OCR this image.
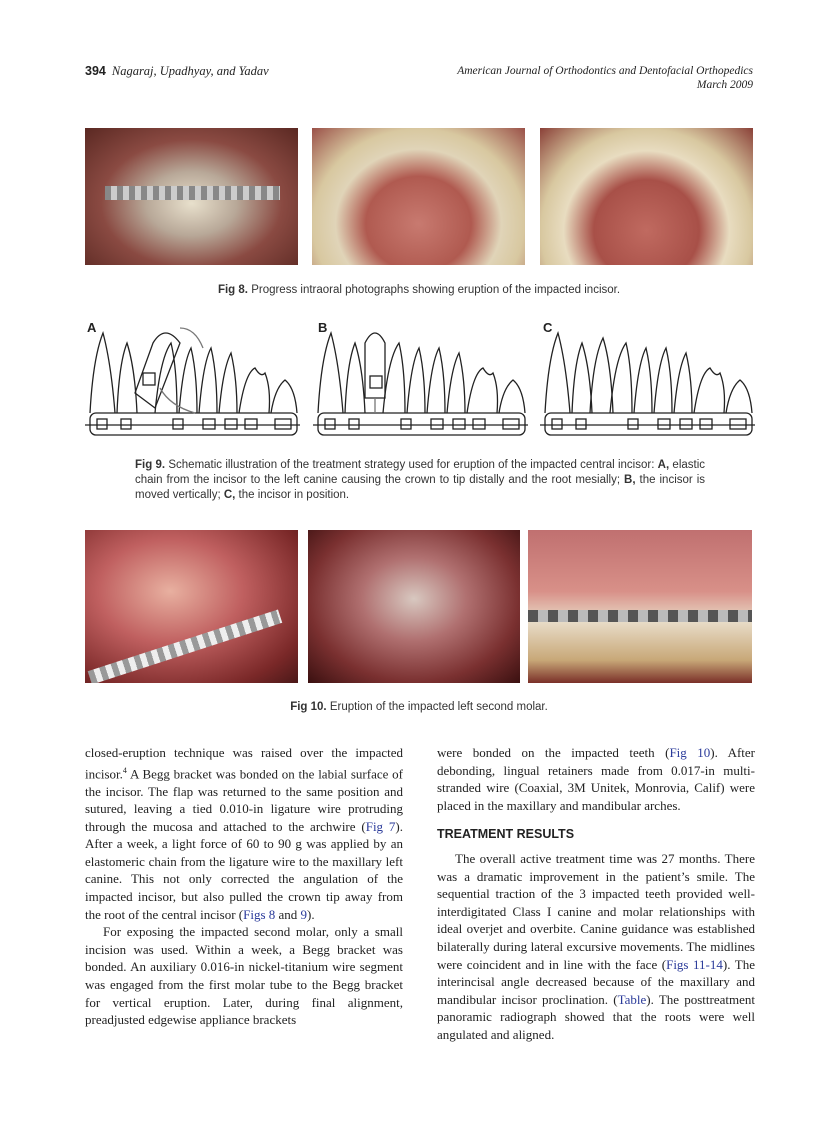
394 Nagaraj, Upadhyay, and Yadav	American Journal of Orthodontics and Dentofacial Orthopedics
March 2009
Fig 8. Progress intraoral photographs showing eruption of the impacted incisor.
A	B	C
Fig 9. Schematic illustration of the treatment strategy used for eruption of the impacted central incisor: A, elastic chain from the incisor to the left canine causing the crown to tip distally and the root mesially; B, the incisor is moved vertically; C, the incisor in position.
Fig 10. Eruption of the impacted left second molar.

closed-eruption technique was raised over the impacted incisor.$^4$ A Begg bracket was bonded on the labial surface of the incisor. The flap was returned to the same position and sutured, leaving a tied 0.010-in ligature wire protruding through the mucosa and attached to the archwire (Fig 7). After a week, a light force of 60 to 90 g was applied by an elastomeric chain from the ligature wire to the maxillary left canine. This not only corrected the angulation of the impacted incisor, but also pulled the crown tip away from the root of the central incisor (Figs 8 and 9).

For exposing the impacted second molar, only a small incision was used. Within a week, a Begg bracket was bonded. An auxiliary 0.016-in nickel-titanium wire segment was engaged from the first molar tube to the Begg bracket for vertical eruption. Later, during final alignment, preadjusted edgewise appliance brackets

were bonded on the impacted teeth (Fig 10). After debonding, lingual retainers made from 0.017-in multi-stranded wire (Coaxial, 3M Unitek, Monrovia, Calif) were placed in the maxillary and mandibular arches.

TREATMENT RESULTS

The overall active treatment time was 27 months. There was a dramatic improvement in the patient’s smile. The sequential traction of the 3 impacted teeth provided well-interdigitated Class I canine and molar relationships with ideal overjet and overbite. Canine guidance was established bilaterally during lateral excursive movements. The midlines were coincident and in line with the face (Figs 11-14). The interincisal angle decreased because of the maxillary and mandibular incisor proclination. (Table). The posttreatment panoramic radiograph showed that the roots were well angulated and aligned.
